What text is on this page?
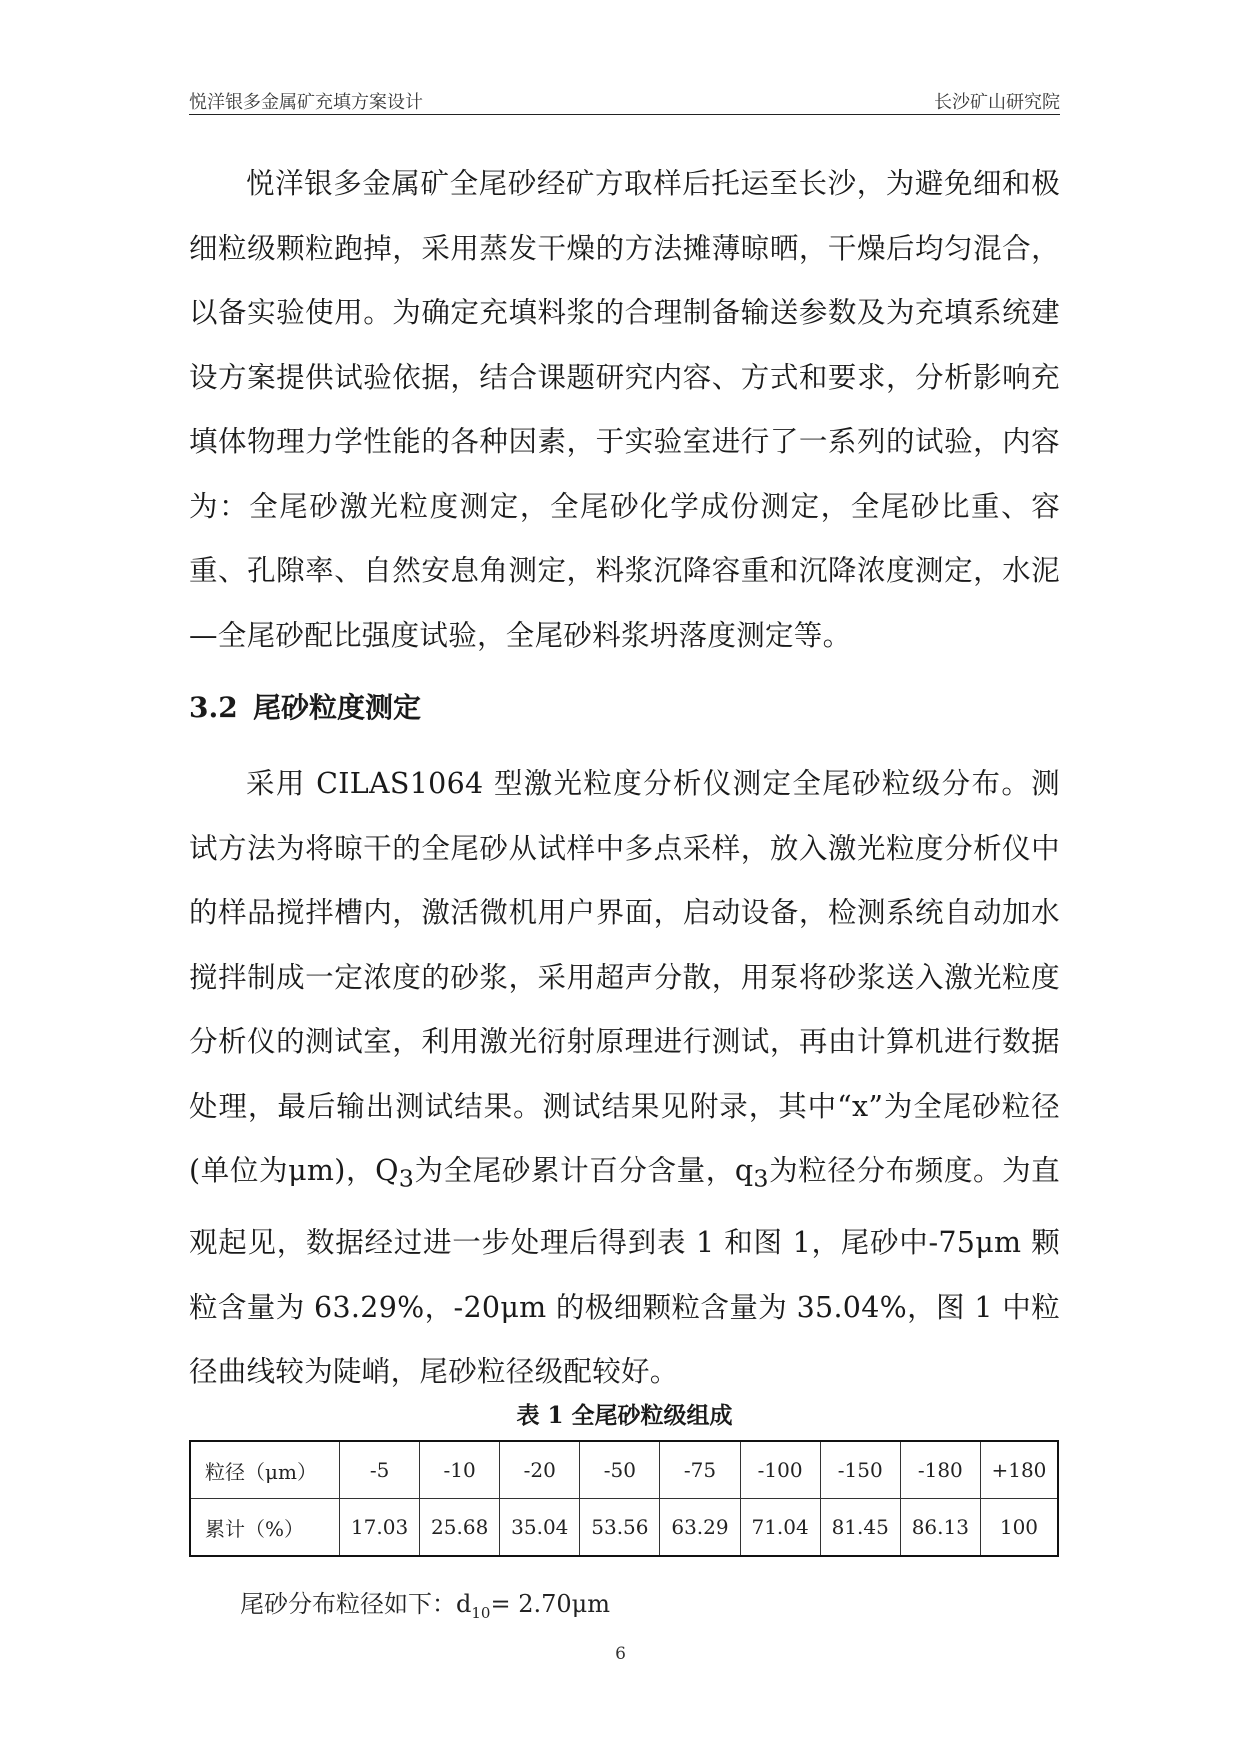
悦洋银多金属矿充填方案设计	长沙矿山研究院

悦洋银多金属矿全尾砂经矿方取样后托运至长沙，为避免细和极细粒级颗粒跑掉，采用蒸发干燥的方法摊薄晾晒，干燥后均匀混合，以备实验使用。为确定充填料浆的合理制备输送参数及为充填系统建设方案提供试验依据，结合课题研究内容、方式和要求，分析影响充填体物理力学性能的各种因素，于实验室进行了一系列的试验，内容为：全尾砂激光粒度测定，全尾砂化学成份测定，全尾砂比重、容重、孔隙率、自然安息角测定，料浆沉降容重和沉降浓度测定，水泥—全尾砂配比强度试验，全尾砂料浆坍落度测定等。

3.2 尾砂粒度测定

采用 CILAS1064 型激光粒度分析仪测定全尾砂粒级分布。测试方法为将晾干的全尾砂从试样中多点采样，放入激光粒度分析仪中的样品搅拌槽内，激活微机用户界面，启动设备，检测系统自动加水搅拌制成一定浓度的砂浆，采用超声分散，用泵将砂浆送入激光粒度分析仪的测试室，利用激光衍射原理进行测试，再由计算机进行数据处理，最后输出测试结果。测试结果见附录，其中“x”为全尾砂粒径(单位为μm)，$Q_3$为全尾砂累计百分含量，$q_3$为粒径分布频度。为直观起见，数据经过进一步处理后得到表 1 和图 1，尾砂中-75μm 颗粒含量为 63.29%，-20μm 的极细颗粒含量为 35.04%，图 1 中粒径曲线较为陡峭，尾砂粒径级配较好。

表 1 全尾砂粒级组成
粒径（μm）	-5	-10	-20	-50	-75	-100	-150	-180	+180
累计（%）	17.03	25.68	35.04	53.56	63.29	71.04	81.45	86.13	100
尾砂分布粒径如下：$d_{10}= 2.70\mu m$
6
